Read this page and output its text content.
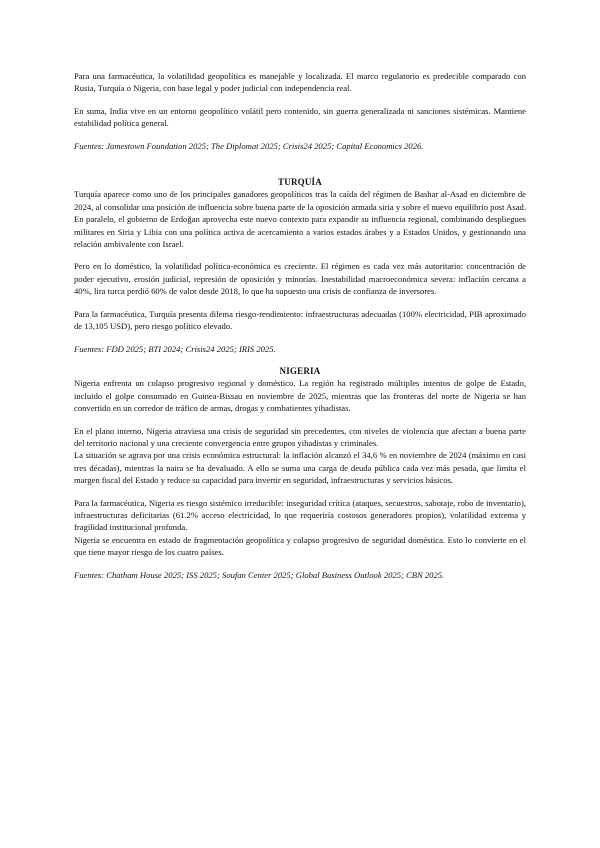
Para una farmacéutica, la volatilidad geopolítica es manejable y localizada. El marco regulatorio es predecible comparado con Rusia, Turquía o Nigeria, con base legal y poder judicial con independencia real.

En suma, India vive en un entorno geopolítico volátil pero contenido, sin guerra generalizada ni sanciones sistémicas. Mantiene estabilidad política general.

Fuentes: Jamestown Foundation 2025; The Diplomat 2025; Crisis24 2025; Capital Economics 2026.

TURQUÍA

Turquía aparece como uno de los principales ganadores geopolíticos tras la caída del régimen de Bashar al-Asad en diciembre de 2024, al consolidar una posición de influencia sobre buena parte de la oposición armada siria y sobre el nuevo equilibrio post Asad. En paralelo, el gobierno de Erdoğan aprovecha este nuevo contexto para expandir su influencia regional, combinando despliegues militares en Siria y Libia con una política activa de acercamiento a varios estados árabes y a Estados Unidos, y gestionando una relación ambivalente con Israel.

Pero en lo doméstico, la volatilidad política-económica es creciente. El régimen es cada vez más autoritario: concentración de poder ejecutivo, erosión judicial, represión de oposición y minorías. Inestabilidad macroeconómica severa: inflación cercana a 40%, lira turca perdió 60% de valor desde 2018, lo que ha supuesto una crisis de confianza de inversores.

Para la farmacéutica, Turquía presenta dilema riesgo-rendimiento: infraestructuras adecuadas (100% electricidad, PIB aproximado de 13,105 USD), pero riesgo político elevado.

Fuentes: FDD 2025; BTI 2024; Crisis24 2025; IRIS 2025.

NIGERIA

Nigeria enfrenta un colapso progresivo regional y doméstico. La región ha registrado múltiples intentos de golpe de Estado, incluido el golpe consumado en Guinea-Bissau en noviembre de 2025, mientras que las fronteras del norte de Nigeria se han convertido en un corredor de tráfico de armas, drogas y combatientes yihadistas.

En el plano interno, Nigeria atraviesa una crisis de seguridad sin precedentes, con niveles de violencia que afectan a buena parte del territorio nacional y una creciente convergencia entre grupos yihadistas y criminales.

La situación se agrava por una crisis económica estructural: la inflación alcanzó el 34,6 % en noviembre de 2024 (máximo en casi tres décadas), mientras la naira se ha devaluado. A ello se suma una carga de deuda pública cada vez más pesada, que limita el margen fiscal del Estado y reduce su capacidad para invertir en seguridad, infraestructuras y servicios básicos.

Para la farmacéutica, Nigeria es riesgo sistémico irreducible: inseguridad crítica (ataques, secuestros, sabotaje, robo de inventario), infraestructuras deficitarias (61.2% acceso electricidad, lo que requeriría costosos generadores propios), volatilidad extrema y fragilidad institucional profunda.

Nigeria se encuentra en estado de fragmentación geopolítica y colapso progresivo de seguridad doméstica. Esto lo convierte en el que tiene mayor riesgo de los cuatro países.

Fuentes: Chatham House 2025; ISS 2025; Soufan Center 2025; Global Business Outlook 2025; CBN 2025.
